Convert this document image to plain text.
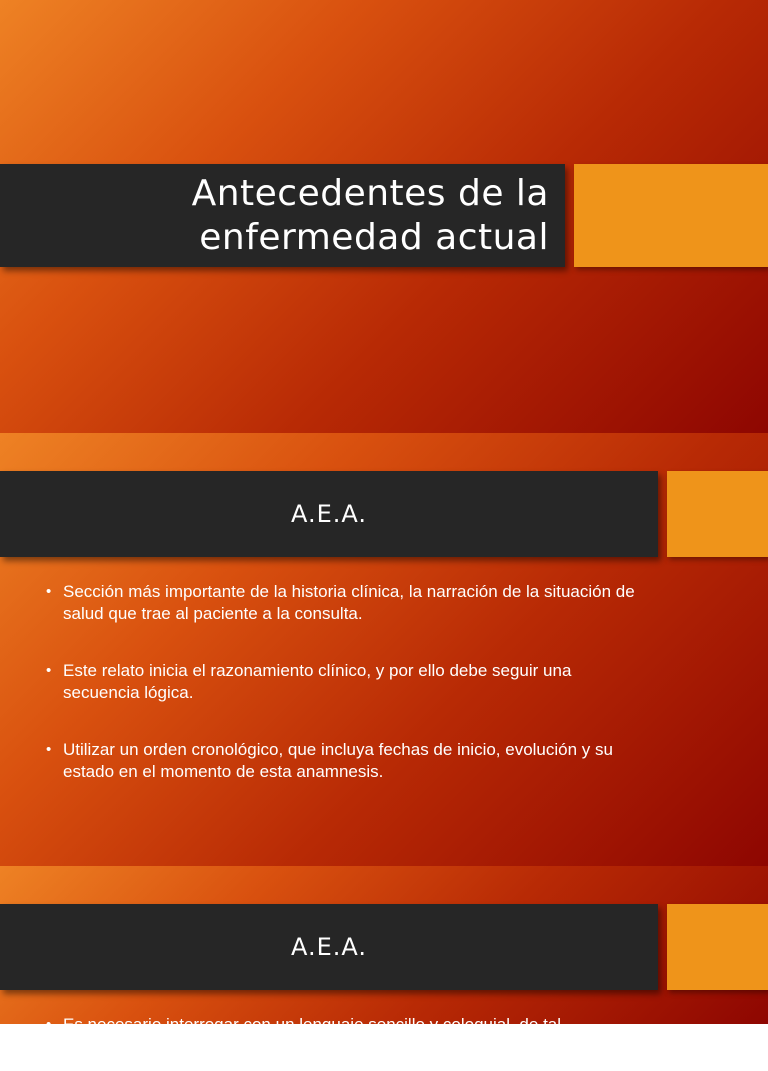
Antecedentes de la
enfermedad actual
A.E.A.
• Sección más importante de la historia clínica, la narración de la situación de salud que trae al paciente a la consulta.
• Este relato inicia el razonamiento clínico, y por ello debe seguir una secuencia lógica.
• Utilizar un orden cronológico, que incluya fechas de inicio, evolución y su estado en el momento de esta anamnesis.
A.E.A.
• Es necesario interrogar con un lenguaje sencillo y coloquial, de tal
